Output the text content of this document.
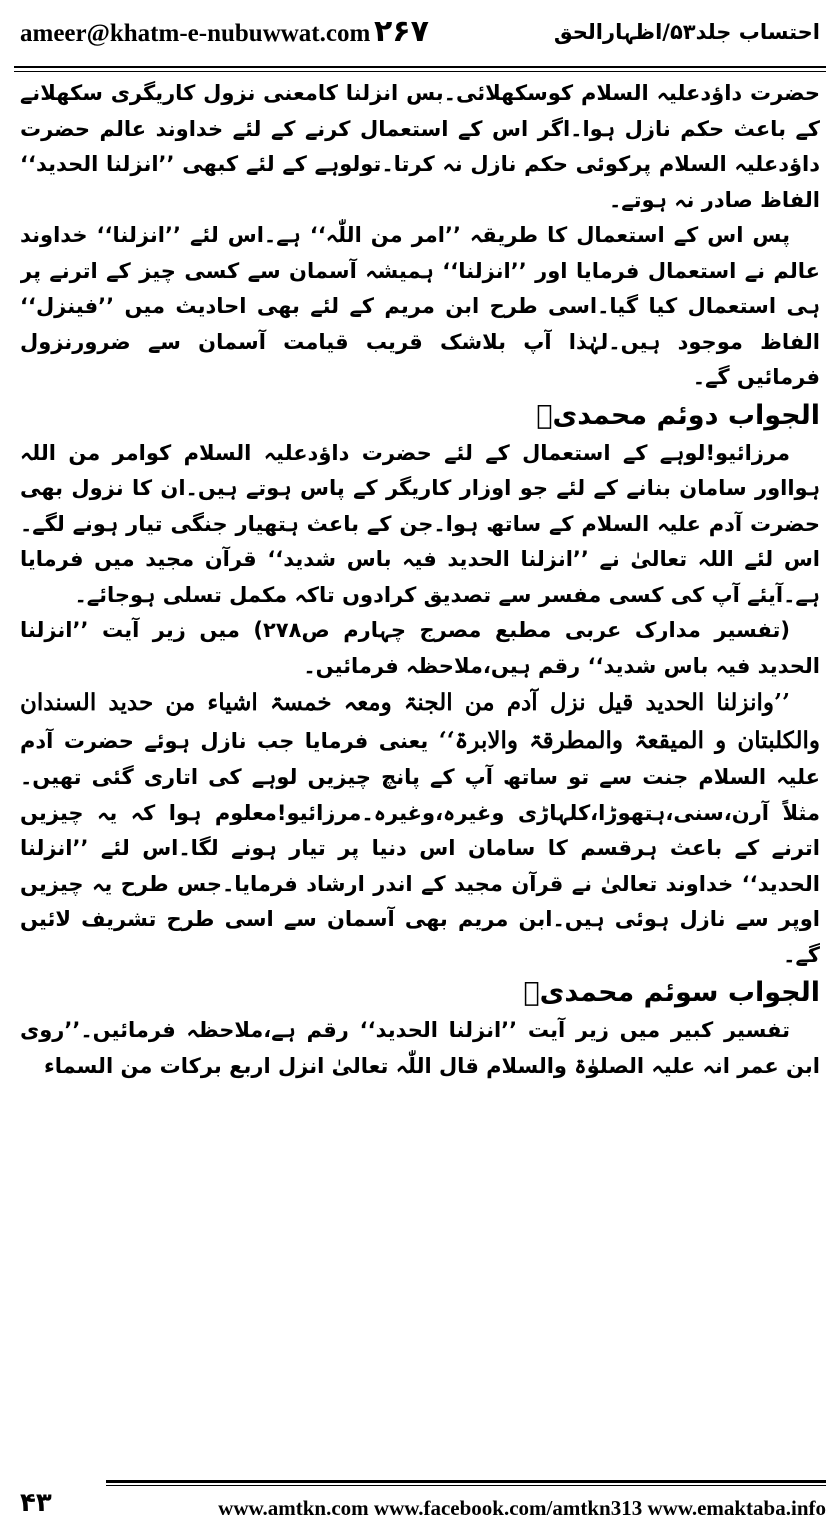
ameer@khatm-e-nubuwwat.com ۲۶۷	احتساب جلد۵۳/اظہارالحق

حضرت داؤدعلیہ السلام کوسکھلائی۔بس انزلنا کامعنی نزول کاریگری سکھلانے کے باعث حکم نازل ہوا۔اگر اس کے استعمال کرنے کے لئے خداوند عالم حضرت داؤدعلیہ السلام پرکوئی حکم نازل نہ کرتا۔تولوہے کے لئے کبھی ’’انزلنا الحدید‘‘ الفاظ صادر نہ ہوتے۔

پس اس کے استعمال کا طریقہ ’’امر من اللّٰہ‘‘ ہے۔اس لئے ’’انزلنا‘‘ خداوند عالم نے استعمال فرمایا اور ’’انزلنا‘‘ ہمیشہ آسمان سے کسی چیز کے اترنے پر ہی استعمال کیا گیا۔اسی طرح ابن مریم کے لئے بھی احادیث میں ’’فینزل‘‘ الفاظ موجود ہیں۔لہٰذا آپ بلاشک قریب قیامت آسمان سے ضرورنزول فرمائیں گے۔

الجواب دوئم محمدیؐ

مرزائیو!لوہے کے استعمال کے لئے حضرت داؤدعلیہ السلام کوامر من اللہ ہوااور سامان بنانے کے لئے جو اوزار کاریگر کے پاس ہوتے ہیں۔ان کا نزول بھی حضرت آدم علیہ السلام کے ساتھ ہوا۔جن کے باعث ہتھیار جنگی تیار ہونے لگے۔اس لئے اللہ تعالیٰ نے ’’انزلنا الحدید فیہ باس شدید‘‘ قرآن مجید میں فرمایا ہے۔آیئے آپ کی کسی مفسر سے تصدیق کرادوں تاکہ مکمل تسلی ہوجائے۔

(تفسیر مدارک عربی مطبع مصرج چہارم ص۲۷۸) میں زیر آیت ’’انزلنا الحدید فیہ باس شدید‘‘ رقم ہیں،ملاحظہ فرمائیں۔

’’وانزلنا الحدید قیل نزل آدم من الجنۃ ومعہ خمسۃ اشیاء من حدید السندان والکلبتان و المیقعۃ والمطرقۃ والابرۃ‘‘ یعنی فرمایا جب نازل ہوئے حضرت آدم علیہ السلام جنت سے تو ساتھ آپ کے پانچ چیزیں لوہے کی اتاری گئی تھیں۔ مثلاً آرن،سنی،ہتھوڑا،کلہاڑی وغیرہ،وغیرہ۔مرزائیو!معلوم ہوا کہ یہ چیزیں اترنے کے باعث ہرقسم کا سامان اس دنیا پر تیار ہونے لگا۔اس لئے ’’انزلنا الحدید‘‘ خداوند تعالیٰ نے قرآن مجید کے اندر ارشاد فرمایا۔جس طرح یہ چیزیں اوپر سے نازل ہوئی ہیں۔ابن مریم بھی آسمان سے اسی طرح تشریف لائیں گے۔

الجواب سوئم محمدیؐ

تفسیر کبیر میں زیر آیت ’’انزلنا الحدید‘‘ رقم ہے،ملاحظہ فرمائیں۔’’روی ابن عمر انہ علیہ الصلوٰۃ والسلام قال اللّٰہ تعالیٰ انزل اربع برکات من السماء

۴۳	www.amtkn.com www.facebook.com/amtkn313 www.emaktaba.info
